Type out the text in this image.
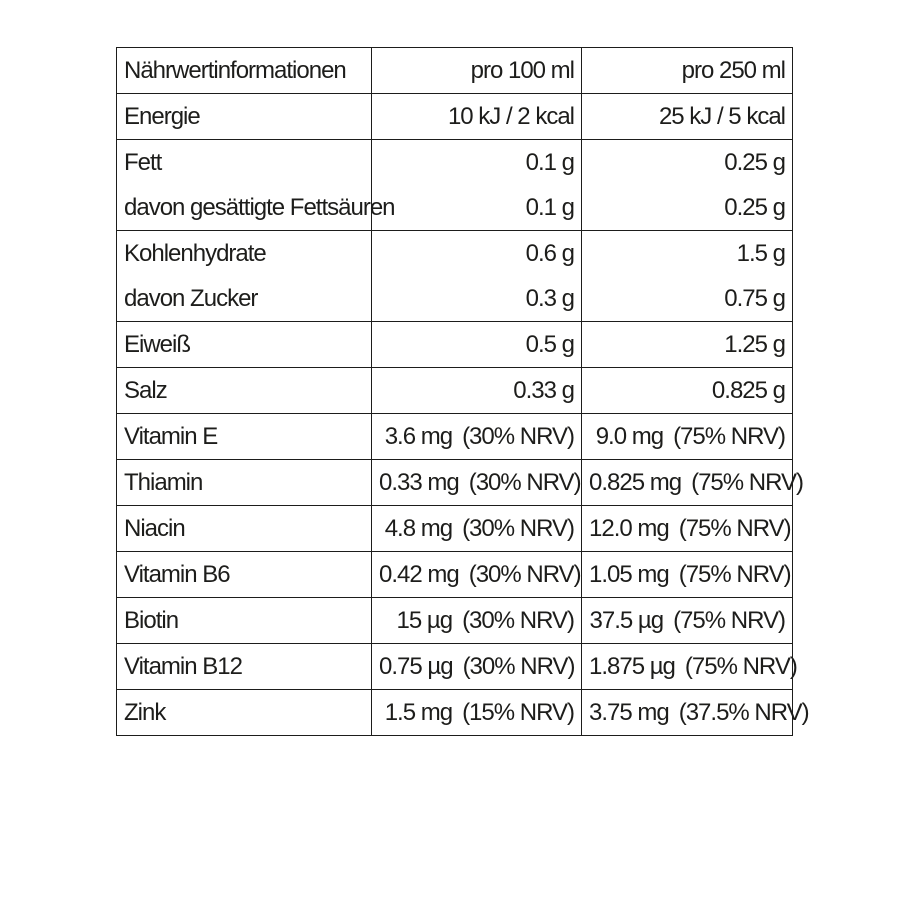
Nährwertinformationen	pro 100 ml	pro 250 ml
Energie	10 kJ / 2 kcal	25 kJ / 5 kcal
Fett	0.1 g	0.25 g
davon gesättigte Fettsäuren	0.1 g	0.25 g
Kohlenhydrate	0.6 g	1.5 g
davon Zucker	0.3 g	0.75 g
Eiweiß	0.5 g	1.25 g
Salz	0.33 g	0.825 g
Vitamin E	3.6 mg (30% NRV)	9.0 mg (75% NRV)
Thiamin	0.33 mg (30% NRV)	0.825 mg (75% NRV)
Niacin	4.8 mg (30% NRV)	12.0 mg (75% NRV)
Vitamin B6	0.42 mg (30% NRV)	1.05 mg (75% NRV)
Biotin	15 µg (30% NRV)	37.5 µg (75% NRV)
Vitamin B12	0.75 µg (30% NRV)	1.875 µg (75% NRV)
Zink	1.5 mg (15% NRV)	3.75 mg (37.5% NRV)
